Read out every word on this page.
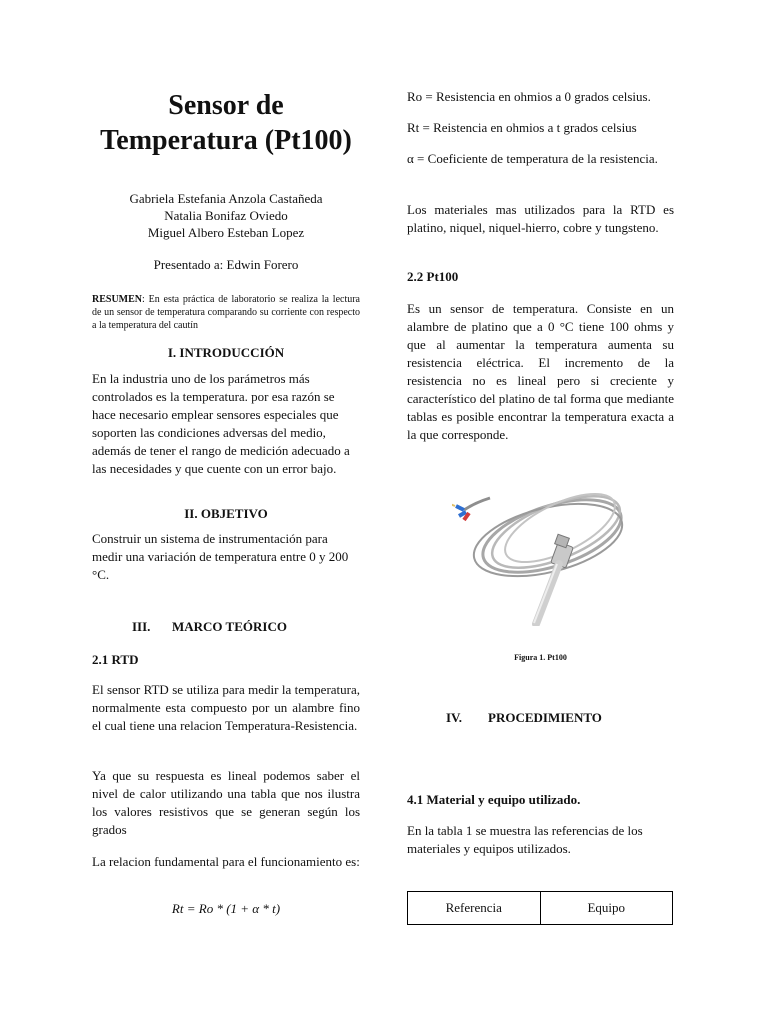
Sensor de Temperatura (Pt100)
Gabriela Estefania Anzola Castañeda
Natalia Bonifaz Oviedo
Miguel Albero Esteban Lopez
Presentado a: Edwin Forero

RESUMEN: En esta práctica de laboratorio se realiza la lectura de un sensor de temperatura comparando su corriente con respecto a la temperatura del cautín

I. INTRODUCCIÓN

En la industria uno de los parámetros más controlados es la temperatura. por esa razón se hace necesario emplear sensores especiales que soporten las condiciones adversas del medio, además de tener el rango de medición adecuado a las necesidades y que cuente con un error bajo.

II. OBJETIVO

Construir un sistema de instrumentación para medir una variación de temperatura entre 0 y 200 °C.

III. MARCO TEÓRICO
2.1 RTD

El sensor RTD se utiliza para medir la temperatura, normalmente esta compuesto por un alambre fino el cual tiene una relacion Temperatura-Resistencia.

Ya que su respuesta es lineal podemos saber el nivel de calor utilizando una tabla que nos ilustra los valores resistivos que se generan según los grados

La relacion fundamental para el funcionamiento es:

Rt = Ro * (1 + α * t)

Ro = Resistencia en ohmios a 0 grados celsius.

Rt = Reistencia en ohmios a t grados celsius

α = Coeficiente de temperatura de la resistencia.

Los materiales mas utilizados para la RTD es platino, niquel, niquel-hierro, cobre y tungsteno.

2.2 Pt100

Es un sensor de temperatura. Consiste en un alambre de platino que a 0 °C tiene 100 ohms y que al aumentar la temperatura aumenta su resistencia eléctrica. El incremento de la resistencia no es lineal pero si creciente y característico del platino de tal forma que mediante tablas es posible encontrar la temperatura exacta a la que corresponde.

Figura 1. Pt100
IV. PROCEDIMIENTO
4.1 Material y equipo utilizado.

En la tabla 1 se muestra las referencias de los materiales y equipos utilizados.

Referencia	Equipo
